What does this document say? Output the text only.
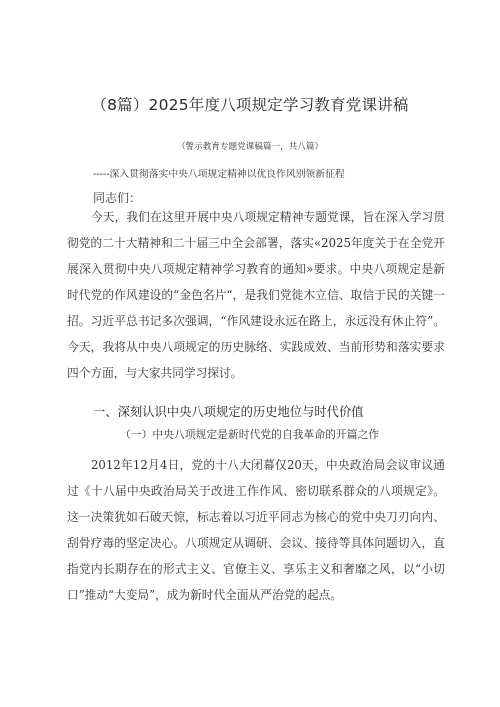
（8篇）2025年度八项规定学习教育党课讲稿
（警示教育专题党课稿篇一，共八篇）
-----深入贯彻落实中央八项规定精神以优良作风别领新征程
同志们：

今天，我们在这里开展中央八项规定精神专题党课，旨在深入学习贯彻党的二十大精神和二十届三中全会部署，落实«2025年度关于在全党开展深入贯彻中央八项规定精神学习教育的通知»要求。中央八项规定是新时代党的作风建设的“金色名片“，是我们党徙木立信、取信于民的关键一招。习近平总书记多次强调，“作风建设永远在路上，永远没有休止符”。今天，我将从中央八项规定的历史脉络、实践成效、当前形势和落实要求四个方面，与大家共同学习探讨。

一、深刻认识中央八项规定的历史地位与时代价值
（一）中央八项规定是新时代党的自我革命的开篇之作

2012年12月4日，党的十八大闭幕仅20天，中央政治局会议审议通过《十八届中央政治局关于改进工作作风、密切联系群众的八项规定》。这一决策犹如石破天惊，标志着以习近平同志为核心的党中央刀刃向内、刮骨疗毒的坚定决心。八项规定从调研、会议、接待等具体问题切入，直指党内长期存在的形式主义、官僚主义、享乐主义和奢靡之风，以“小切口”推动“大变局”，成为新时代全面从严治党的起点。
